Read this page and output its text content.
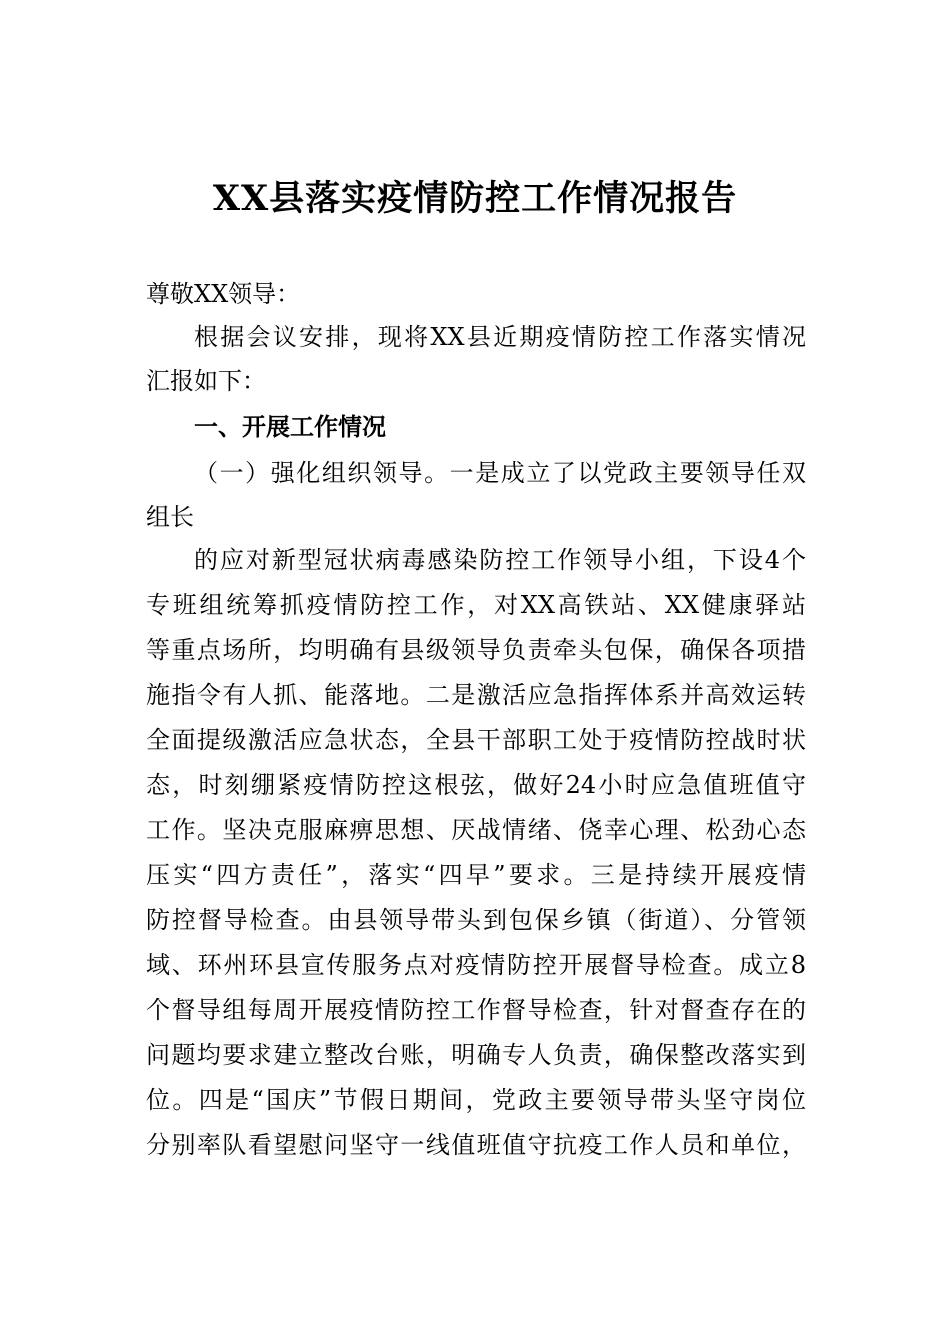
XX县落实疫情防控工作情况报告
尊敬XX领导：
根据会议安排，现将XX县近期疫情防控工作落实情况
汇报如下：
一、开展工作情况
（一）强化组织领导。一是成立了以党政主要领导任双
组长
的应对新型冠状病毒感染防控工作领导小组，下设4个
专班组统筹抓疫情防控工作，对XX高铁站、XX健康驿站
等重点场所，均明确有县级领导负责牵头包保，确保各项措
施指令有人抓、能落地。二是激活应急指挥体系并高效运转
全面提级激活应急状态，全县干部职工处于疫情防控战时状
态，时刻绷紧疫情防控这根弦，做好24小时应急值班值守
工作。坚决克服麻痹思想、厌战情绪、侥幸心理、松劲心态
压实“四方责任”，落实“四早”要求。三是持续开展疫情
防控督导检查。由县领导带头到包保乡镇（街道）、分管领
域、环州环县宣传服务点对疫情防控开展督导检查。成立8
个督导组每周开展疫情防控工作督导检查，针对督查存在的
问题均要求建立整改台账，明确专人负责，确保整改落实到
位。四是“国庆”节假日期间，党政主要领导带头坚守岗位
分别率队看望慰问坚守一线值班值守抗疫工作人员和单位，
